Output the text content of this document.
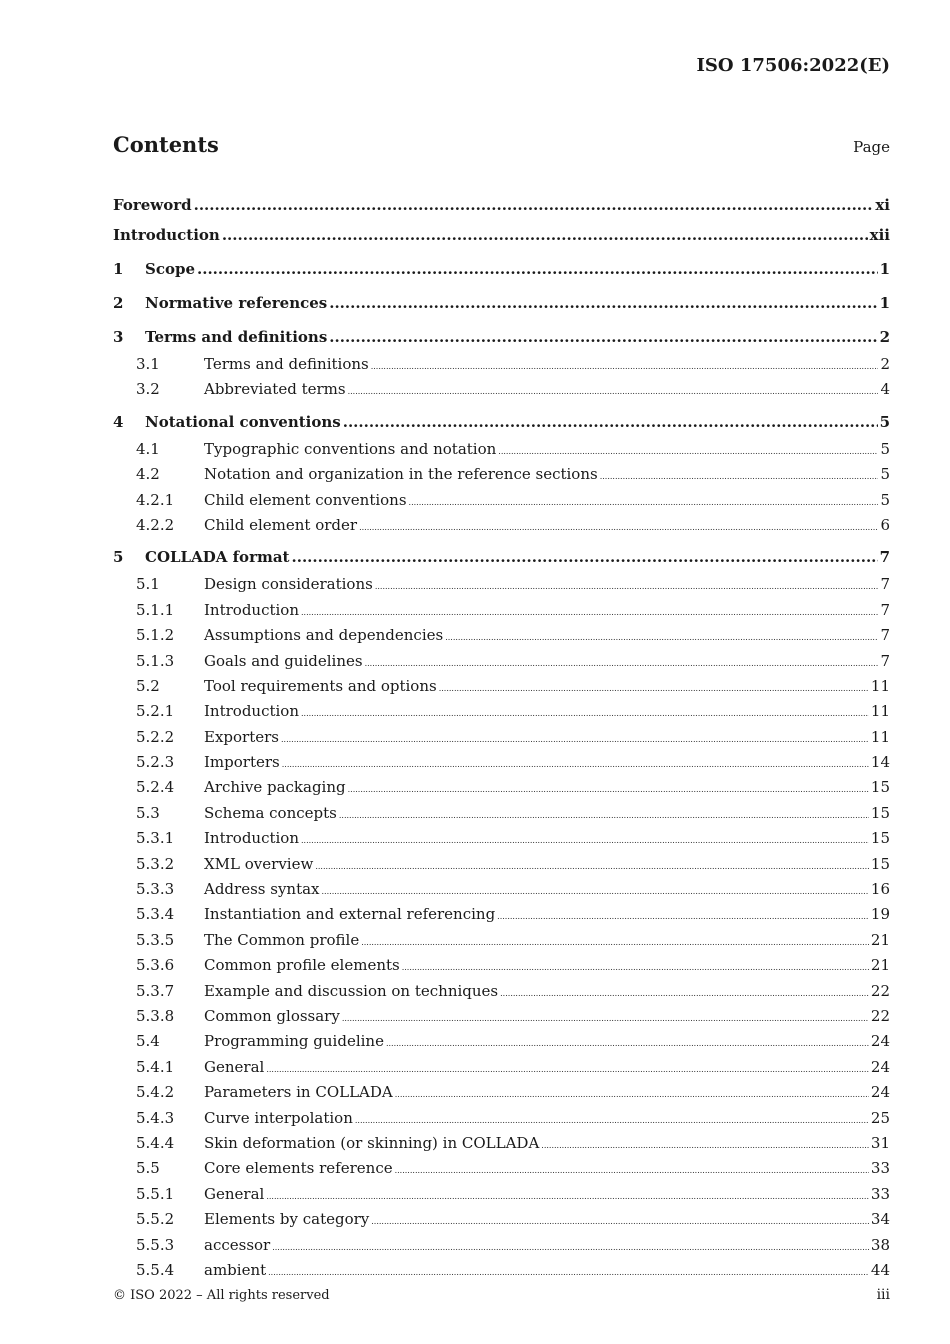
ISO 17506:2022(E)
Contents	Page
Foreword .....	xi
Introduction .....	xii
1	Scope .....	1
2	Normative references .....	1
3	Terms and definitions .....	2
3.1	Terms and definitions .....	2
3.2	Abbreviated terms .....	4
4	Notational conventions .....	5
4.1	Typographic conventions and notation .....	5
4.2	Notation and organization in the reference sections .....	5
4.2.1	Child element conventions .....	5
4.2.2	Child element order .....	6
5	COLLADA format .....	7
5.1	Design considerations .....	7
5.1.1	Introduction .....	7
5.1.2	Assumptions and dependencies .....	7
5.1.3	Goals and guidelines .....	7
5.2	Tool requirements and options .....	11
5.2.1	Introduction .....	11
5.2.2	Exporters .....	11
5.2.3	Importers .....	14
5.2.4	Archive packaging .....	15
5.3	Schema concepts .....	15
5.3.1	Introduction .....	15
5.3.2	XML overview .....	15
5.3.3	Address syntax .....	16
5.3.4	Instantiation and external referencing .....	19
5.3.5	The Common profile .....	21
5.3.6	Common profile elements .....	21
5.3.7	Example and discussion on techniques .....	22
5.3.8	Common glossary .....	22
5.4	Programming guideline .....	24
5.4.1	General .....	24
5.4.2	Parameters in COLLADA .....	24
5.4.3	Curve interpolation .....	25
5.4.4	Skin deformation (or skinning) in COLLADA .....	31
5.5	Core elements reference .....	33
5.5.1	General .....	33
5.5.2	Elements by category .....	34
5.5.3	accessor .....	38
5.5.4	ambient .....	44
© ISO 2022 – All rights reserved	iii
